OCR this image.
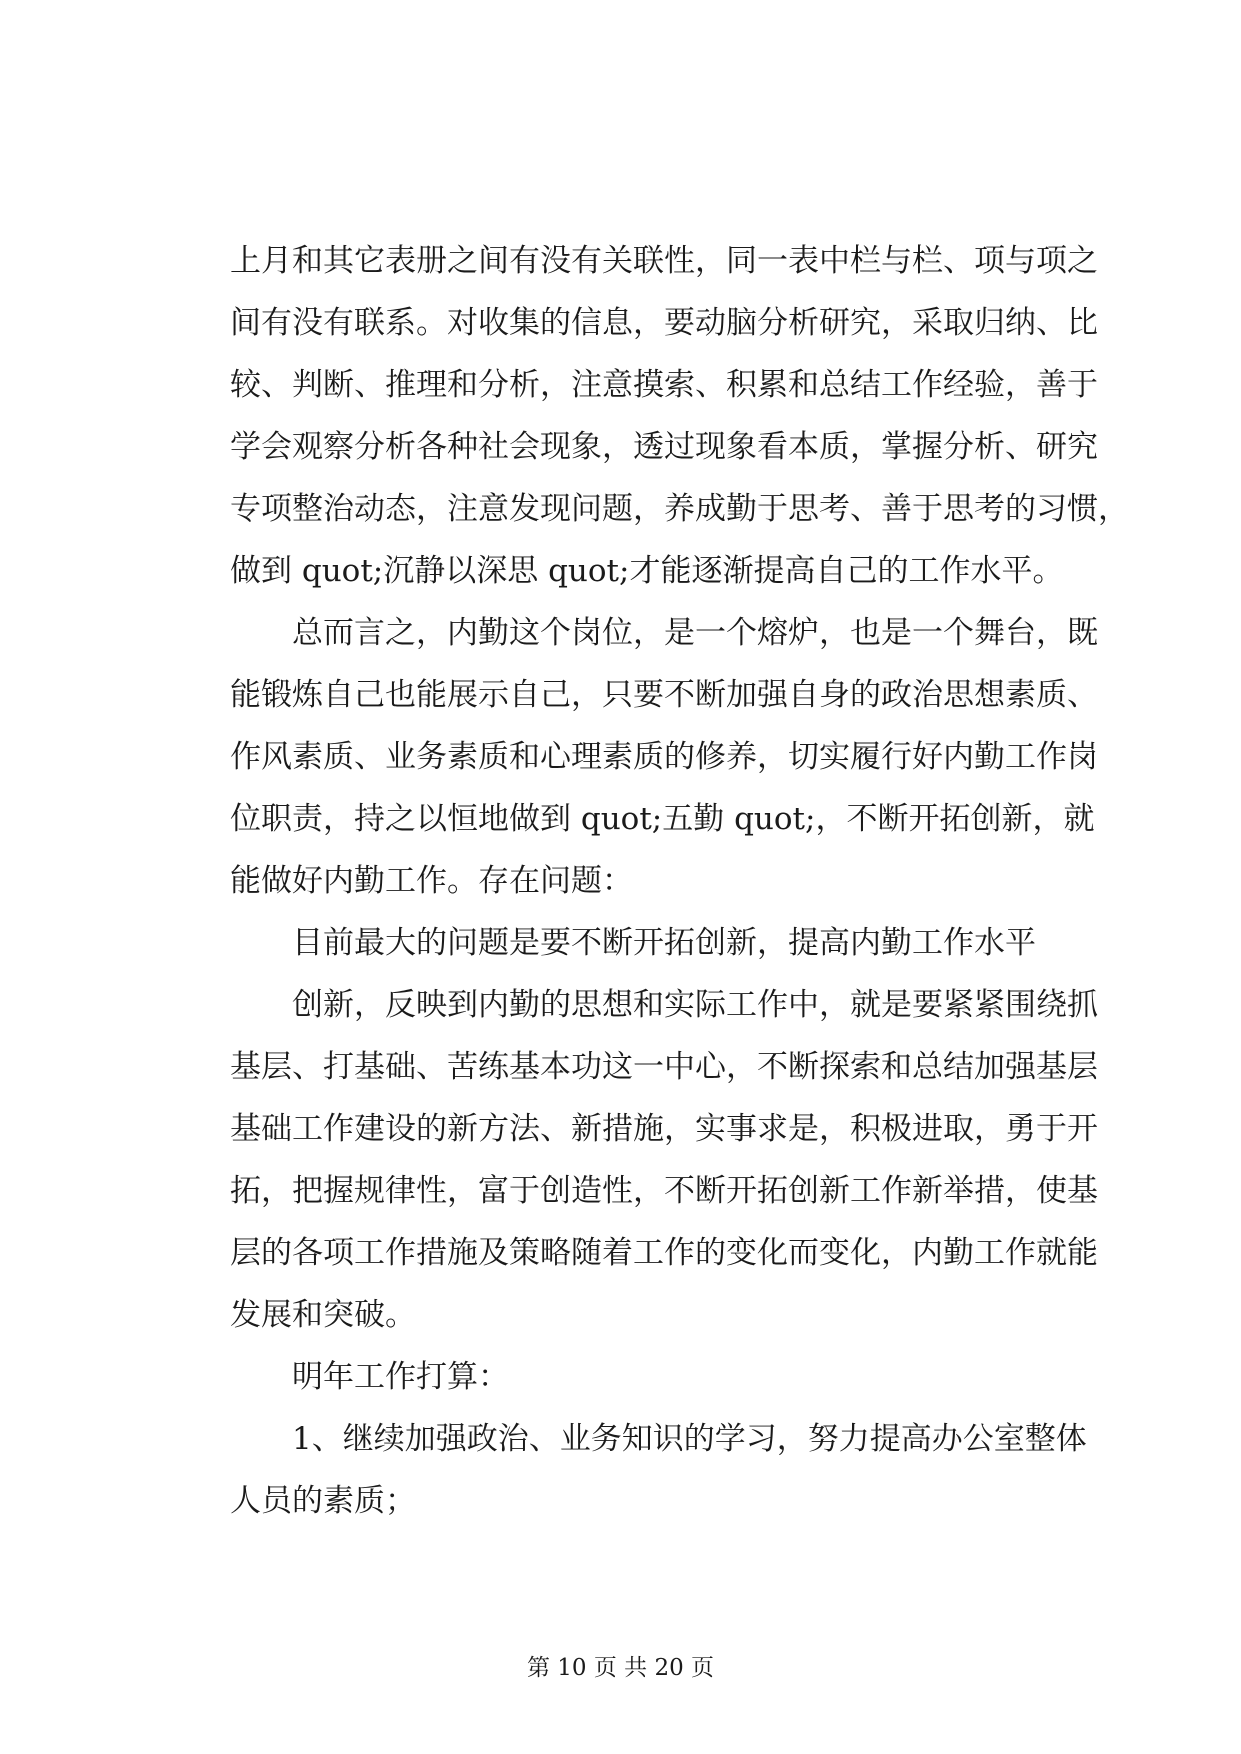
上月和其它表册之间有没有关联性，同一表中栏与栏、项与项之
间有没有联系。对收集的信息，要动脑分析研究，采取归纳、比
较、判断、推理和分析，注意摸索、积累和总结工作经验，善于
学会观察分析各种社会现象，透过现象看本质，掌握分析、研究
专项整治动态，注意发现问题，养成勤于思考、善于思考的习惯，
做到 quot;沉静以深思 quot;才能逐渐提高自己的工作水平。
总而言之，内勤这个岗位，是一个熔炉，也是一个舞台，既
能锻炼自己也能展示自己，只要不断加强自身的政治思想素质、
作风素质、业务素质和心理素质的修养，切实履行好内勤工作岗
位职责，持之以恒地做到 quot;五勤 quot;，不断开拓创新，就
能做好内勤工作。存在问题：
目前最大的问题是要不断开拓创新，提高内勤工作水平
创新，反映到内勤的思想和实际工作中，就是要紧紧围绕抓
基层、打基础、苦练基本功这一中心，不断探索和总结加强基层
基础工作建设的新方法、新措施，实事求是，积极进取，勇于开
拓，把握规律性，富于创造性，不断开拓创新工作新举措，使基
层的各项工作措施及策略随着工作的变化而变化，内勤工作就能
发展和突破。
明年工作打算：
1、继续加强政治、业务知识的学习，努力提高办公室整体
人员的素质；
第 10 页 共 20 页
